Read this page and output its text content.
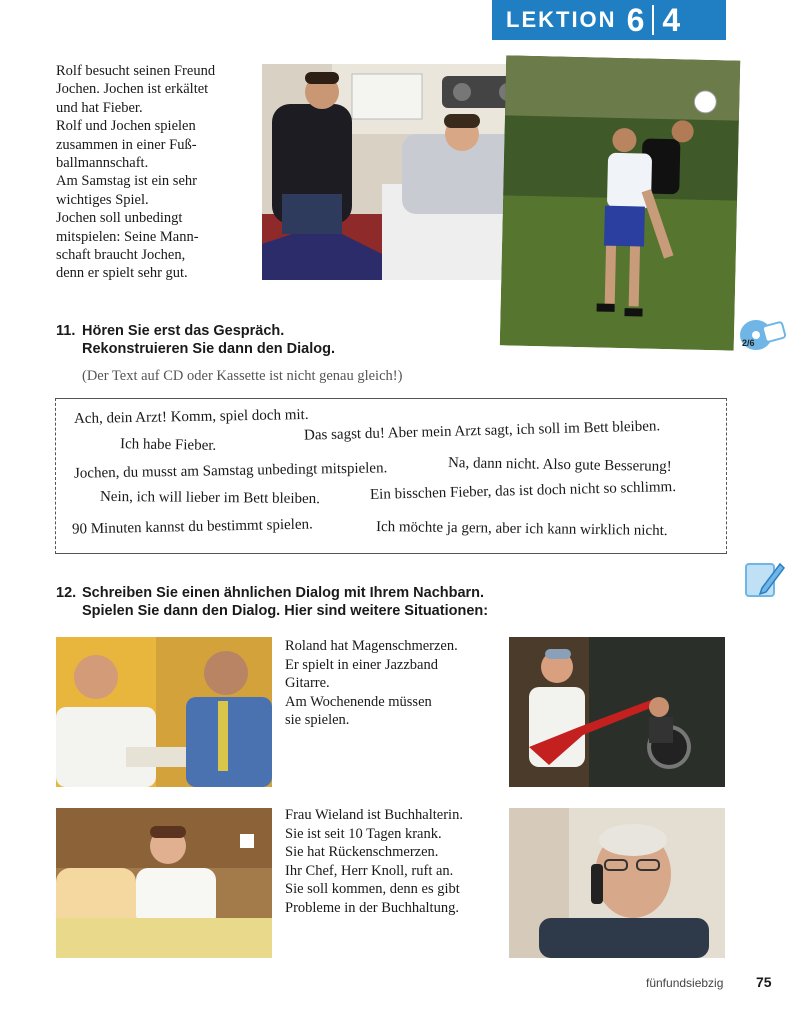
LEKTION 6 4

Rolf besucht seinen Freund

Jochen. Jochen ist erkältet

und hat Fieber.

Rolf und Jochen spielen

zusammen in einer Fuß-

ballmannschaft.

Am Samstag ist ein sehr

wichtiges Spiel.

Jochen soll unbedingt

mitspielen: Seine Mann-

schaft braucht Jochen,

denn er spielt sehr gut.

2/6
11. Hören Sie erst das Gespräch.
Rekonstruieren Sie dann den Dialog.
(Der Text auf CD oder Kassette ist nicht genau gleich!)
Ach, dein Arzt! Komm, spiel doch mit.
Ich habe Fieber.
Das sagst du! Aber mein Arzt sagt, ich soll im Bett bleiben.
Jochen, du musst am Samstag unbedingt mitspielen.	Na, dann nicht. Also gute Besserung!
Nein, ich will lieber im Bett bleiben.	Ein bisschen Fieber, das ist doch nicht so schlimm.
90 Minuten kannst du bestimmt spielen.	Ich möchte ja gern, aber ich kann wirklich nicht.
12. Schreiben Sie einen ähnlichen Dialog mit Ihrem Nachbarn.
Spielen Sie dann den Dialog. Hier sind weitere Situationen:

Roland hat Magenschmerzen.

Er spielt in einer Jazzband

Gitarre.

Am Wochenende müssen

sie spielen.

Frau Wieland ist Buchhalterin.

Sie ist seit 10 Tagen krank.

Sie hat Rückenschmerzen.

Ihr Chef, Herr Knoll, ruft an.

Sie soll kommen, denn es gibt

Probleme in der Buchhaltung.

fünfundsiebzig 75
